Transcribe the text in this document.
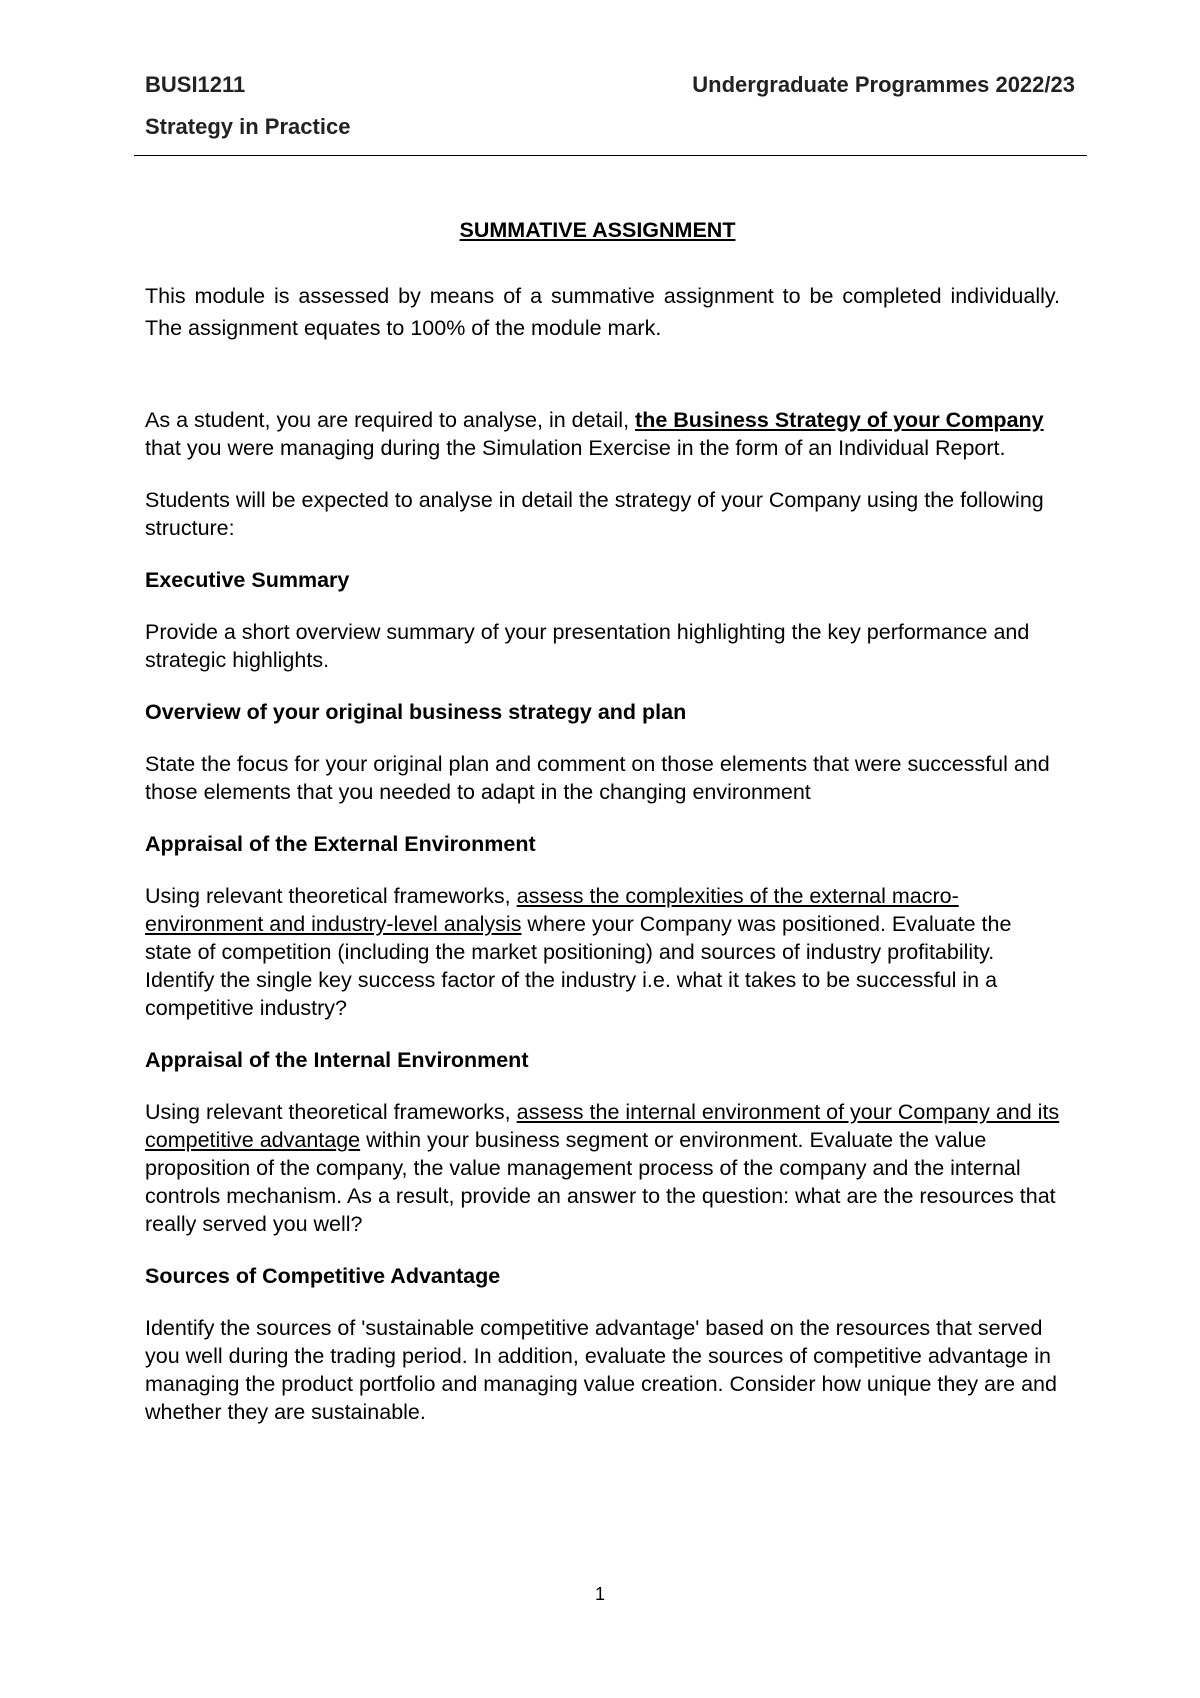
BUSI1211	Undergraduate Programmes 2022/23
Strategy in Practice

SUMMATIVE ASSIGNMENT

This module is assessed by means of a summative assignment to be completed individually. The assignment equates to 100% of the module mark.

As a student, you are required to analyse, in detail, the Business Strategy of your Company that you were managing during the Simulation Exercise in the form of an Individual Report.

Students will be expected to analyse in detail the strategy of your Company using the following structure:

Executive Summary

Provide a short overview summary of your presentation highlighting the key performance and strategic highlights.

Overview of your original business strategy and plan

State the focus for your original plan and comment on those elements that were successful and those elements that you needed to adapt in the changing environment

Appraisal of the External Environment

Using relevant theoretical frameworks, assess the complexities of the external macro-environment and industry-level analysis where your Company was positioned. Evaluate the state of competition (including the market positioning) and sources of industry profitability. Identify the single key success factor of the industry i.e. what it takes to be successful in a competitive industry?

Appraisal of the Internal Environment

Using relevant theoretical frameworks, assess the internal environment of your Company and its competitive advantage within your business segment or environment. Evaluate the value proposition of the company, the value management process of the company and the internal controls mechanism. As a result, provide an answer to the question: what are the resources that really served you well?

Sources of Competitive Advantage

Identify the sources of 'sustainable competitive advantage' based on the resources that served you well during the trading period. In addition, evaluate the sources of competitive advantage in managing the product portfolio and managing value creation. Consider how unique they are and whether they are sustainable.

1
